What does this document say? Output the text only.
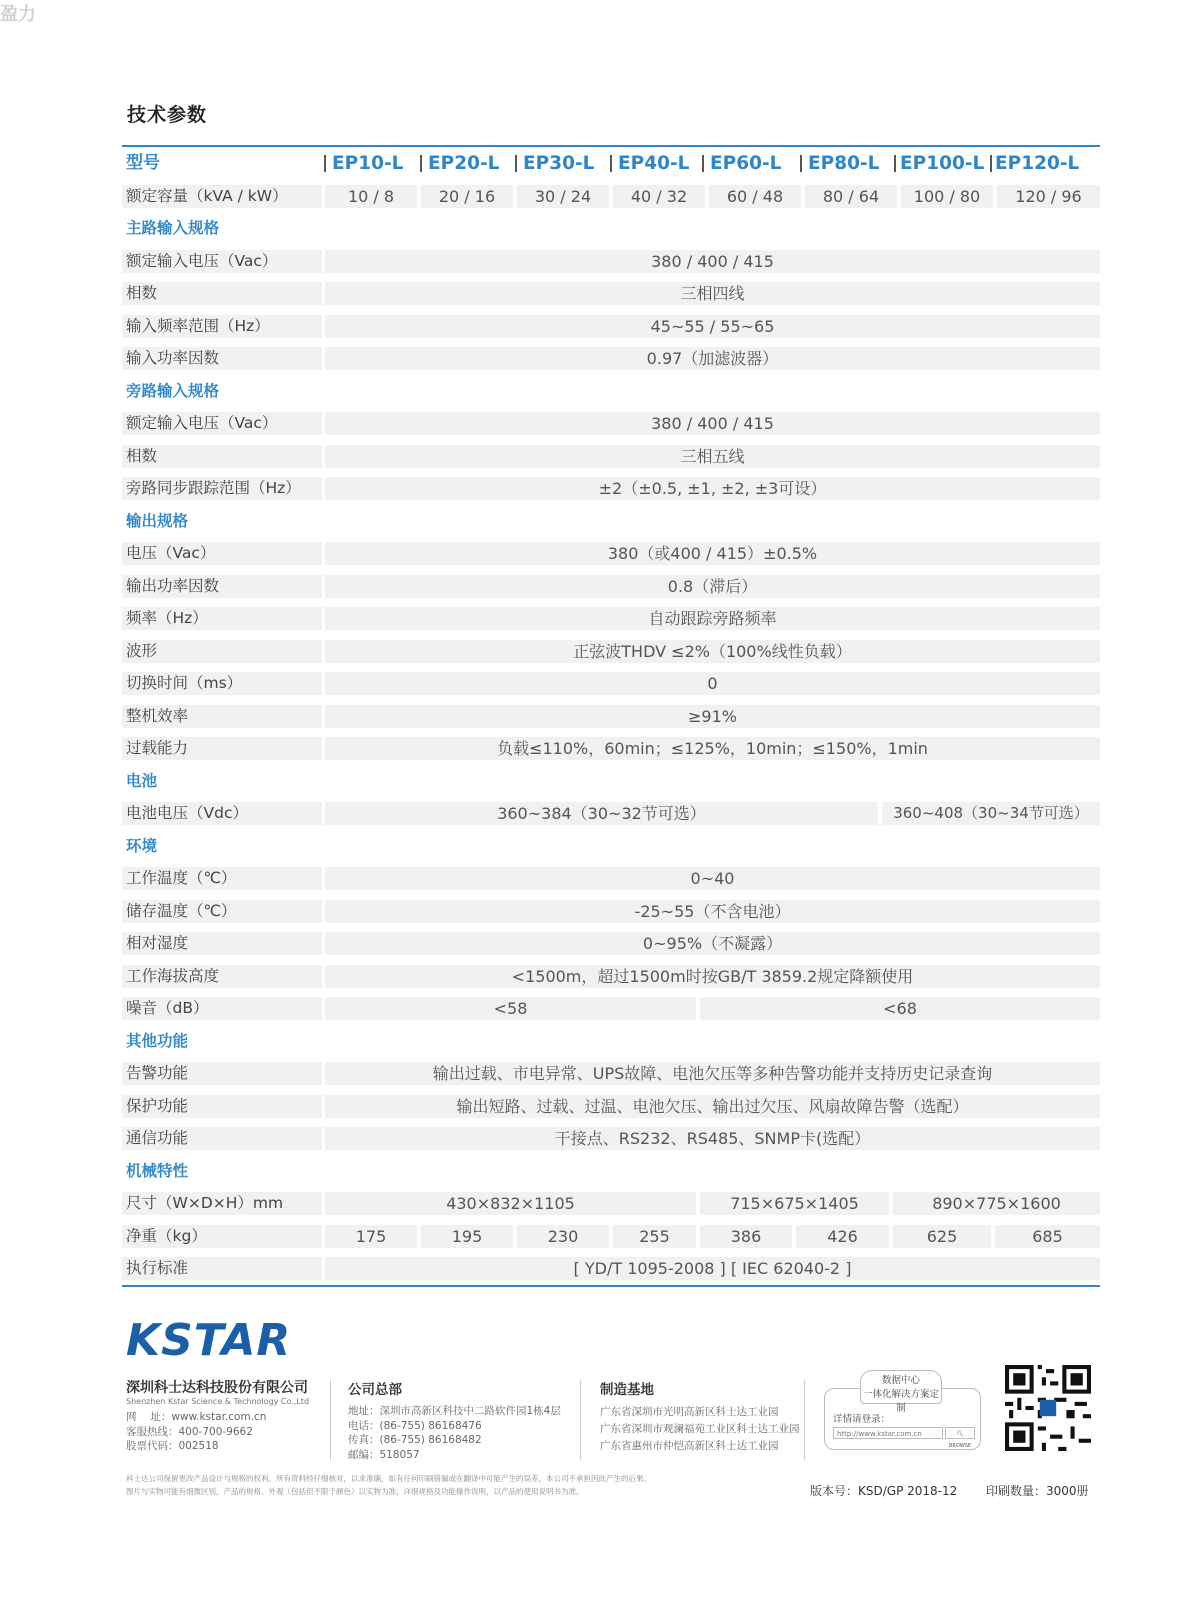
盈力
技术参数
型号	EP10-L EP20-L EP30-L EP40-L EP60-L EP80-L EP100-L EP120-L
额定容量（kVA / kW）	10 / 8	20 / 16	30 / 24	40 / 32	60 / 48	80 / 64	100 / 80	120 / 96
主路输入规格
额定输入电压（Vac）	380 / 400 / 415
相数	三相四线
输入频率范围（Hz）	45~55 / 55~65
输入功率因数	0.97（加滤波器）
旁路输入规格
额定输入电压（Vac）	380 / 400 / 415
相数	三相五线
旁路同步跟踪范围（Hz）	±2（±0.5, ±1, ±2, ±3可设）
输出规格
电压（Vac）	380（或400 / 415）±0.5%
输出功率因数	0.8（滞后）
频率（Hz）	自动跟踪旁路频率
波形	正弦波THDV ≤2%（100%线性负载）
切换时间（ms）	0
整机效率	≥91%
过载能力	负载≤110%，60min；≤125%，10min；≤150%，1min
电池
电池电压（Vdc）	360~384（30~32节可选）	360~408（30~34节可选）
环境
工作温度（℃）	0~40
储存温度（℃）	-25~55（不含电池）
相对湿度	0~95%（不凝露）
工作海拔高度	<1500m，超过1500m时按GB/T 3859.2规定降额使用
噪音（dB）	<58	<68
其他功能
告警功能	输出过载、市电异常、UPS故障、电池欠压等多种告警功能并支持历史记录查询
保护功能	输出短路、过载、过温、电池欠压、输出过欠压、风扇故障告警（选配）
通信功能	干接点、RS232、RS485、SNMP卡(选配）
机械特性
尺寸（W×D×H）mm	430×832×1105	715×675×1405	890×775×1600
净重（kg）	175	195	230	255	386	426	625	685
执行标准	[ YD/T 1095-2008 ] [ IEC 62040-2 ]
KSTAR
深圳科士达科技股份有限公司
Shenzhen Kstar Science & Technology Co.,Ltd
网　 址：www.kstar.com.cn
客服热线：400-700-9662
股票代码：002518
公司总部
地址：深圳市高新区科技中二路软件园1栋4层
电话：(86-755) 86168476
传真：(86-755) 86168482
邮编：518057
制造基地
广东省深圳市光明高新区科士达工业园
广东省深圳市观澜福苑工业区科士达工业园
广东省惠州市仲恺高新区科士达工业园
详情请登录：
http://www.kstar.com.cn	🔍︎ BROWSE
数据中心
一体化解决方案定制
科士达公司保留更改产品设计与规格的权利。所有资料经仔细核对，以求准确，如有任何印刷错漏或在翻译中可能产生的误差，本公司不承担因此产生的后果。
图片与实物可能有细微区别，产品的规格、外观（包括但不限于颜色）以实物为准，详细规格及功能操作说明，以产品的使用说明书为准。	版本号：KSD/GP 2018-12 印刷数量：3000册
